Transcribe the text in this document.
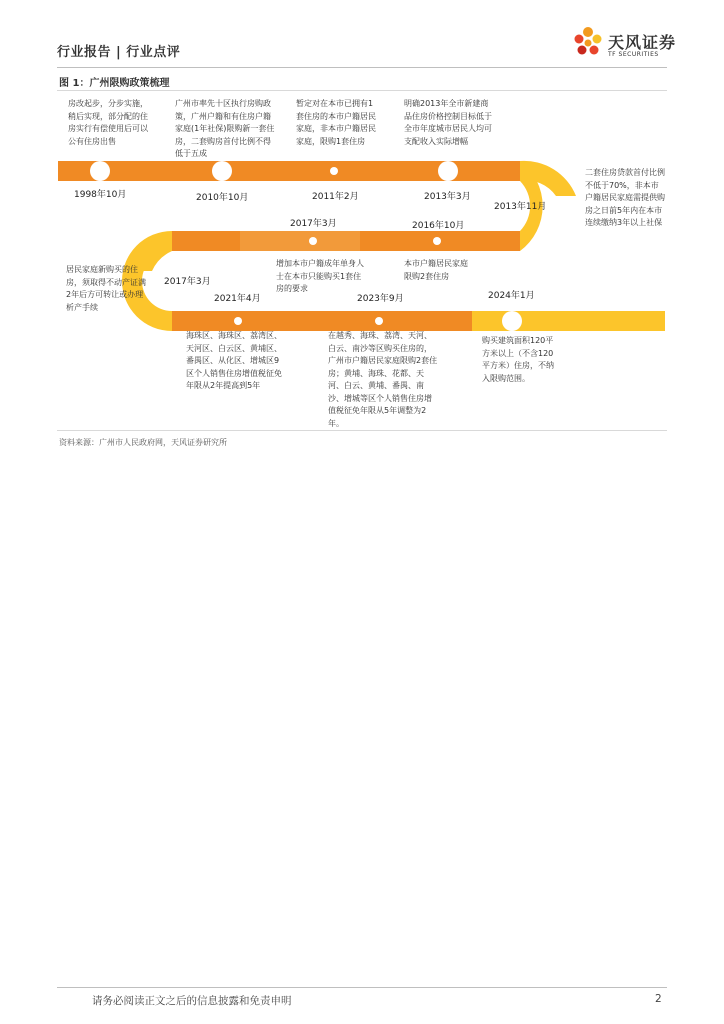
行业报告 | 行业点评
天风证券
TF SECURITIES
图 1：广州限购政策梳理
1998年10月	2010年10月	2011年2月	2013年3月
2013年11月
2017年3月	2016年10月
2017年3月
2021年4月	2023年9月	2024年1月
房改起步，分步实施，稍后实现，部分配的住房实行有偿使用后可以公有住房出售
广州市率先十区执行房购政策，广州户籍和有住房户籍家庭(1年社保)限购新一套住房，二套购房首付比例不得低于五成
暂定对在本市已拥有1套住房的本市户籍居民家庭，非本市户籍居民家庭，限购1套住房
明确2013年全市新建商品住房价格控制目标低于全市年度城市居民人均可支配收入实际增幅
二套住房贷款首付比例不低于70%，非本市户籍居民家庭需提供购房之日前5年内在本市连续缴纳3年以上社保
增加本市户籍成年单身人士在本市只能购买1套住房的要求
本市户籍居民家庭限购2套住房
居民家庭新购买的住房，须取得不动产证满2年后方可转让或办理析产手续
海珠区、海珠区、荔湾区、天河区、白云区、黄埔区、番禺区、从化区、增城区9区个人销售住房增值税征免年限从2年提高到5年
在越秀、海珠、荔湾、天河、白云、南沙等区购买住房的，广州市户籍居民家庭限购2套住房；黄埔、海珠、花都、天河、白云、黄埔、番禺、南沙、增城等区个人销售住房增值税征免年限从5年调整为2年。
购买建筑面积120平方米以上（不含120平方米）住房，不纳入限购范围。
资料来源：广州市人民政府网，天风证券研究所
请务必阅读正文之后的信息披露和免责申明	2
